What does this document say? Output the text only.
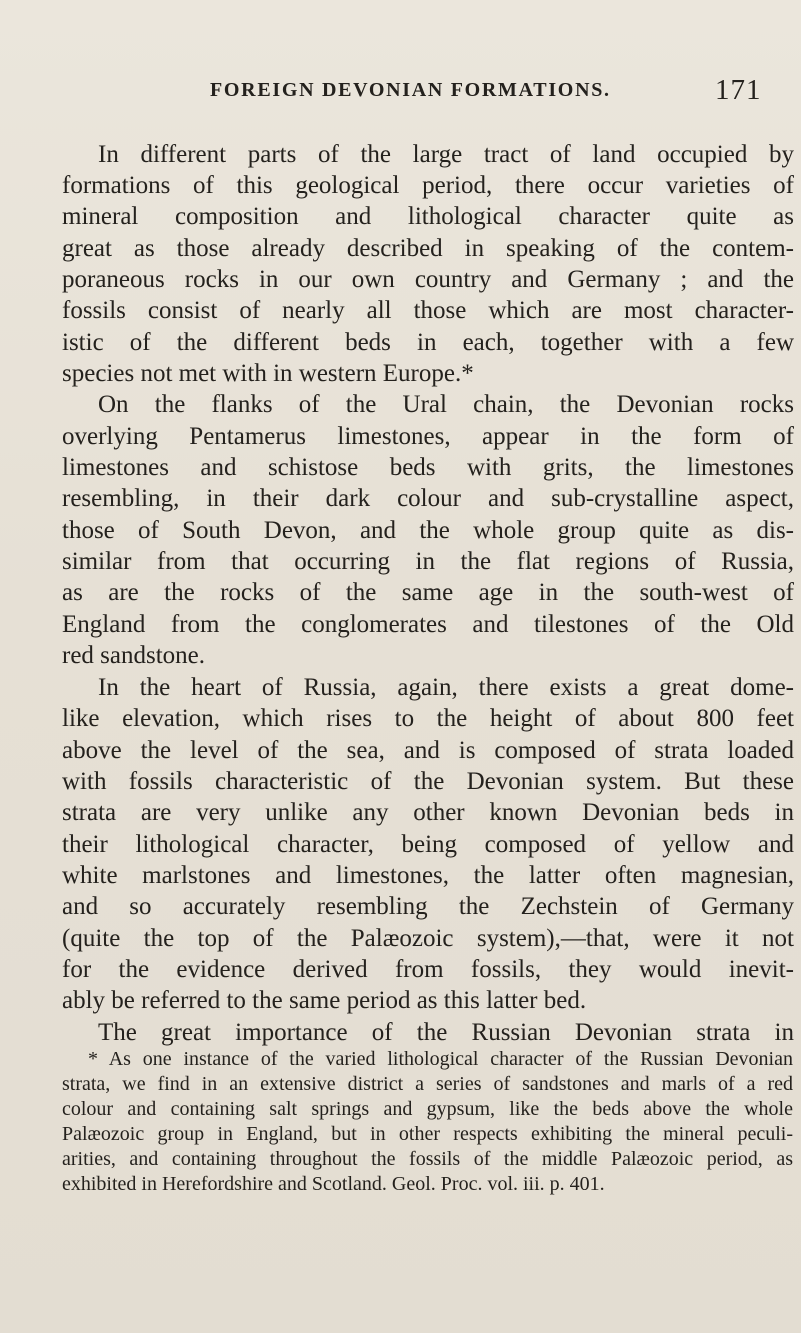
FOREIGN DEVONIAN FORMATIONS.	171
In different parts of the large tract of land occupied by
formations of this geological period, there occur varieties of
mineral composition and lithological character quite as
great as those already described in speaking of the contem-
poraneous rocks in our own country and Germany ; and the
fossils consist of nearly all those which are most character-
istic of the different beds in each, together with a few
species not met with in western Europe.*
On the flanks of the Ural chain, the Devonian rocks
overlying Pentamerus limestones, appear in the form of
limestones and schistose beds with grits, the limestones
resembling, in their dark colour and sub-crystalline aspect,
those of South Devon, and the whole group quite as dis-
similar from that occurring in the flat regions of Russia,
as are the rocks of the same age in the south-west of
England from the conglomerates and tilestones of the Old
red sandstone.
In the heart of Russia, again, there exists a great dome-
like elevation, which rises to the height of about 800 feet
above the level of the sea, and is composed of strata loaded
with fossils characteristic of the Devonian system. But these
strata are very unlike any other known Devonian beds in
their lithological character, being composed of yellow and
white marlstones and limestones, the latter often magnesian,
and so accurately resembling the Zechstein of Germany
(quite the top of the Palæozoic system),—that, were it not
for the evidence derived from fossils, they would inevit-
ably be referred to the same period as this latter bed.
The great importance of the Russian Devonian strata in
* As one instance of the varied lithological character of the Russian Devonian
strata, we find in an extensive district a series of sandstones and marls of a red
colour and containing salt springs and gypsum, like the beds above the whole
Palæozoic group in England, but in other respects exhibiting the mineral peculi-
arities, and containing throughout the fossils of the middle Palæozoic period, as
exhibited in Herefordshire and Scotland. Geol. Proc. vol. iii. p. 401.
